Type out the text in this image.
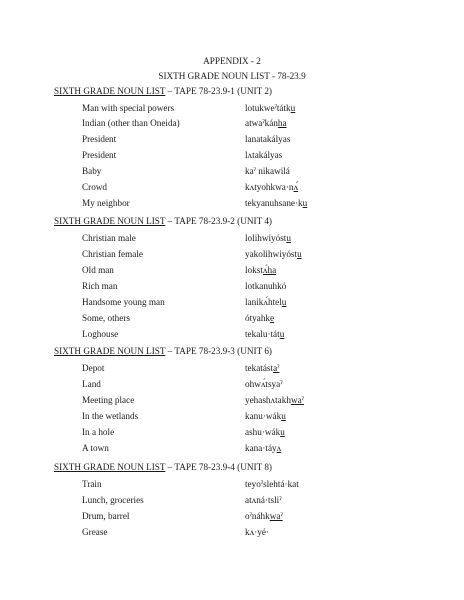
APPENDIX - 2
SIXTH GRADE NOUN LIST - 78-23.9
SIXTH GRADE NOUN LIST – TAPE 78-23.9-1 (UNIT 2)
Man with special powers	lotukweˀtátku
Indian (other than Oneida)	atwaˀkánha
President	lanatakályas
President	lʌtakályas
Baby	kaˀ nikawilá
Crowd	kʌtyohkwa·nʌ́
My neighbor	tekyanuhsane·ku
SIXTH GRADE NOUN LIST – TAPE 78-23.9-2 (UNIT 4)
Christian male	lolihwiyóstu
Christian female	yakolihwiyóstu
Old man	lokstʌ́ha
Rich man	lotkanuhkó
Handsome young man	lanikʌ́htelu
Some, others	ótyahke
Loghouse	tekalu·tátu
SIXTH GRADE NOUN LIST – TAPE 78-23.9-3 (UNIT 6)
Depot	tekatástaˀ
Land	ohwʌ́tsyaˀ
Meeting place	yehashʌtakhwaˀ
In the wetlands	kanu·wáku
In a hole	ashu·wáku
A town	kana·táyʌ
SIXTH GRADE NOUN LIST – TAPE 78-23.9-4 (UNIT 8)
Train	teyoˀslehtá·kat
Lunch, groceries	atʌná·tsliˀ
Drum, barrel	oˀnáhkwaˀ
Grease	kʌ·yé·
